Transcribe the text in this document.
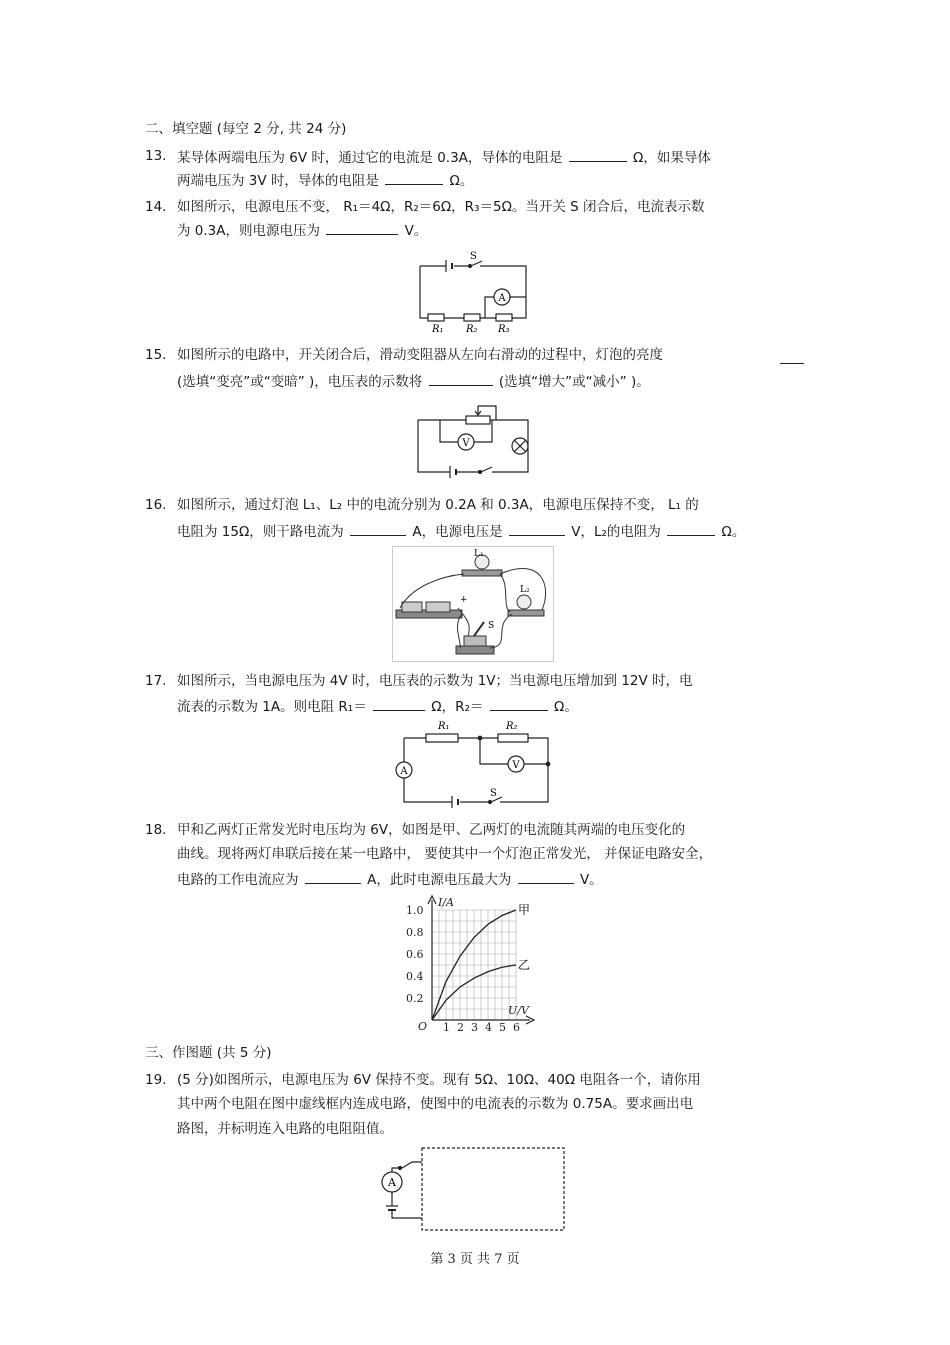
二、填空题 (每空 2 分, 共 24 分)
13. 某导体两端电压为 6V 时，通过它的电流是 0.3A，导体的电阻是	Ω，如果导体
两端电压为 3V 时，导体的电阻是	Ω。
14. 如图所示，电源电压不变， R₁＝4Ω，R₂＝6Ω，R₃＝5Ω。当开关 S 闭合后，电流表示数
为 0.3A，则电源电压为	V。
A
S
R₁ R₂ R₃
15. 如图所示的电路中，开关闭合后，滑动变阻器从左向右滑动的过程中，灯泡的亮度
(选填“变亮”或“变暗” )，电压表的示数将	(选填“增大”或“减小” )。
V
16. 如图所示，通过灯泡 L₁、L₂ 中的电流分别为 0.2A 和 0.3A，电源电压保持不变， L₁ 的
电阻为 15Ω，则干路电流为	A，电源电压是	V，L₂的电阻为	Ω。
L₁
L₂
S
+
17. 如图所示，当电源电压为 4V 时，电压表的示数为 1V；当电源电压增加到 12V 时，电
流表的示数为 1A。则电阻 R₁＝	Ω，R₂＝	Ω。
R₁	R₂
A
V
S
18. 甲和乙两灯正常发光时电压均为 6V，如图是甲、乙两灯的电流随其两端的电压变化的
曲线。现将两灯串联后接在某一电路中， 要使其中一个灯泡正常发光， 并保证电路安全，
电路的工作电流应为	A，此时电源电压最大为	V。
甲
乙
I/A
U/V
O 1 2 3 4 5 6
0.2
0.4
0.6
0.8
1.0
三、作图题 (共 5 分)
19. (5 分)如图所示，电源电压为 6V 保持不变。现有 5Ω、10Ω、40Ω 电阻各一个，请你用
其中两个电阻在图中虚线框内连成电路，使图中的电流表的示数为 0.75A。要求画出电
路图，并标明连入电路的电阻阻值。
A
第 3 页 共 7 页
